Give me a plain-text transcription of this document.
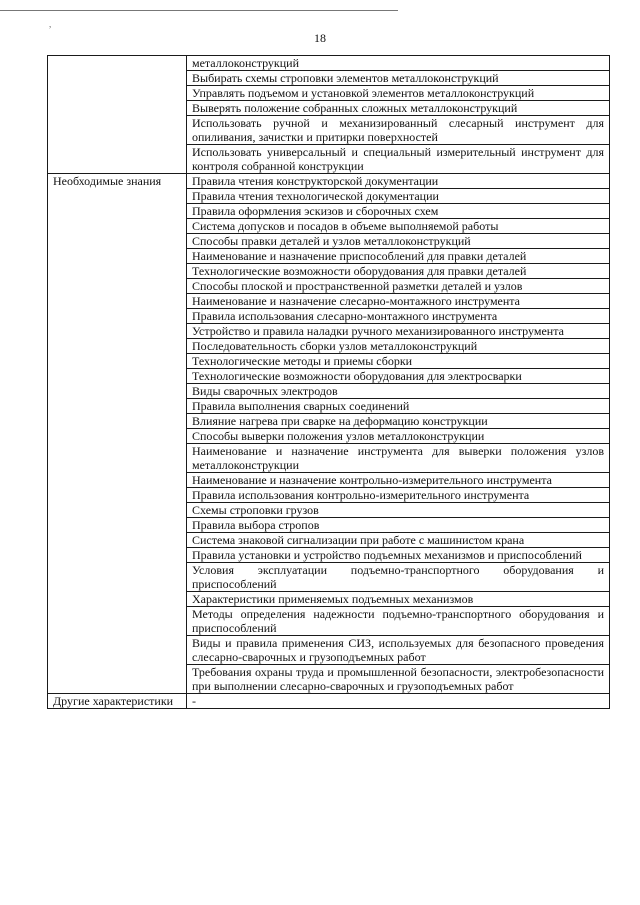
,
18
	металлоконструкций
	Выбирать схемы строповки элементов металлоконструкций
	Управлять подъемом и установкой элементов металлоконструкций
	Выверять положение собранных сложных металлоконструкций
	Использовать ручной и механизированный слесарный инструмент для опиливания, зачистки и притирки поверхностей
	Использовать универсальный и специальный измерительный инструмент для контроля собранной конструкции
Необходимые знания	Правила чтения конструкторской документации
	Правила чтения технологической документации
	Правила оформления эскизов и сборочных схем
	Система допусков и посадов в объеме выполняемой работы
	Способы правки деталей и узлов металлоконструкций
	Наименование и назначение приспособлений для правки деталей
	Технологические возможности оборудования для правки деталей
	Способы плоской и пространственной разметки деталей и узлов
	Наименование и назначение слесарно-монтажного инструмента
	Правила использования слесарно-монтажного инструмента
	Устройство и правила наладки ручного механизированного инструмента
	Последовательность сборки узлов металлоконструкций
	Технологические методы и приемы сборки
	Технологические возможности оборудования для электросварки
	Виды сварочных электродов
	Правила выполнения сварных соединений
	Влияние нагрева при сварке на деформацию конструкции
	Способы выверки положения узлов металлоконструкции
	Наименование и назначение инструмента для выверки положения узлов металлоконструкции
	Наименование и назначение контрольно-измерительного инструмента
	Правила использования контрольно-измерительного инструмента
	Схемы строповки грузов
	Правила выбора стропов
	Система знаковой сигнализации при работе с машинистом крана
	Правила установки и устройство подъемных механизмов и приспособлений
	Условия эксплуатации подъемно-транспортного оборудования и приспособлений
	Характеристики применяемых подъемных механизмов
	Методы определения надежности подъемно-транспортного оборудования и приспособлений
	Виды и правила применения СИЗ, используемых для безопасного проведения слесарно-сварочных и грузоподъемных работ
	Требования охраны труда и промышленной безопасности, электробезопасности при выполнении слесарно-сварочных и грузоподъемных работ
Другие характеристики	-
